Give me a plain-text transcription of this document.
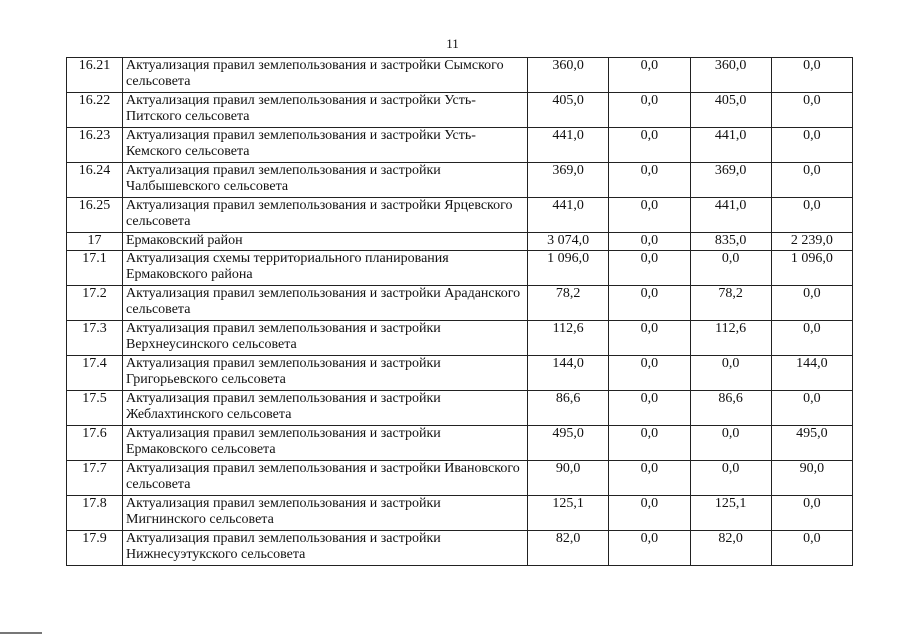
11
16.21	Актуализация правил землепользования и застройки Сымского сельсовета	360,0	0,0	360,0	0,0
16.22	Актуализация правил землепользования и застройки Усть-Питского сельсовета	405,0	0,0	405,0	0,0
16.23	Актуализация правил землепользования и застройки Усть-Кемского сельсовета	441,0	0,0	441,0	0,0
16.24	Актуализация правил землепользования и застройки Чалбышевского сельсовета	369,0	0,0	369,0	0,0
16.25	Актуализация правил землепользования и застройки Ярцевского сельсовета	441,0	0,0	441,0	0,0
17	Ермаковский район	3 074,0	0,0	835,0	2 239,0
17.1	Актуализация схемы территориального планирования Ермаковского района	1 096,0	0,0	0,0	1 096,0
17.2	Актуализация правил землепользования и застройки Араданского сельсовета	78,2	0,0	78,2	0,0
17.3	Актуализация правил землепользования и застройки Верхнеусинского сельсовета	112,6	0,0	112,6	0,0
17.4	Актуализация правил землепользования и застройки Григорьевского сельсовета	144,0	0,0	0,0	144,0
17.5	Актуализация правил землепользования и застройки Жеблахтинского сельсовета	86,6	0,0	86,6	0,0
17.6	Актуализация правил землепользования и застройки Ермаковского сельсовета	495,0	0,0	0,0	495,0
17.7	Актуализация правил землепользования и застройки Ивановского сельсовета	90,0	0,0	0,0	90,0
17.8	Актуализация правил землепользования и застройки Мигнинского сельсовета	125,1	0,0	125,1	0,0
17.9	Актуализация правил землепользования и застройки Нижнесуэтукского сельсовета	82,0	0,0	82,0	0,0
